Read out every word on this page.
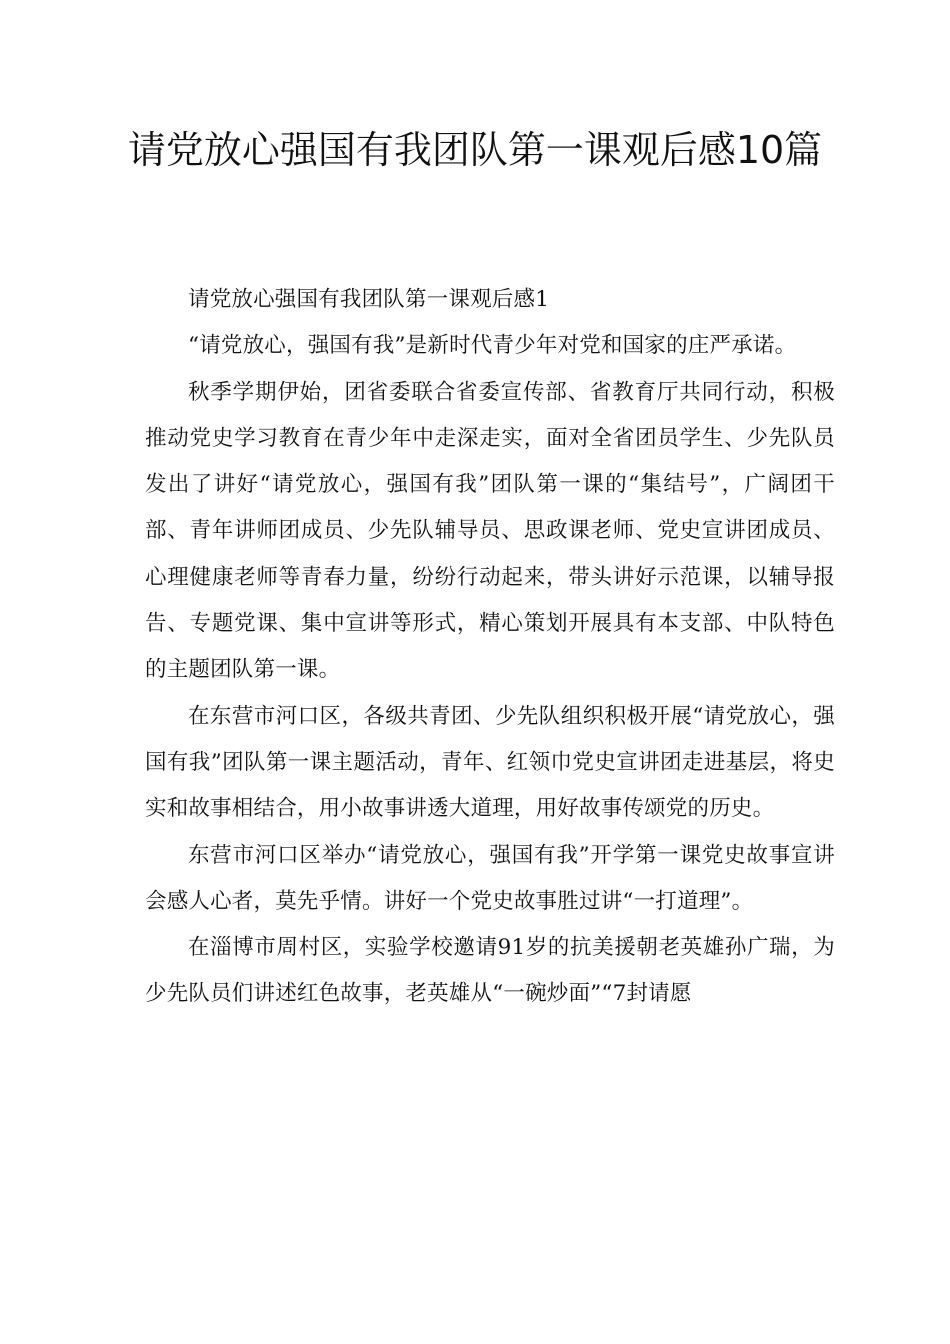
请党放心强国有我团队第一课观后感10篇

请党放心强国有我团队第一课观后感1

“请党放心，强国有我”是新时代青少年对党和国家的庄严承诺。

秋季学期伊始，团省委联合省委宣传部、省教育厅共同行动，积极推动党史学习教育在青少年中走深走实，面对全省团员学生、少先队员发出了讲好“请党放心，强国有我”团队第一课的“集结号”，广阔团干部、青年讲师团成员、少先队辅导员、思政课老师、党史宣讲团成员、心理健康老师等青春力量，纷纷行动起来，带头讲好示范课，以辅导报告、专题党课、集中宣讲等形式，精心策划开展具有本支部、中队特色的主题团队第一课。

在东营市河口区，各级共青团、少先队组织积极开展“请党放心，强国有我”团队第一课主题活动，青年、红领巾党史宣讲团走进基层，将史实和故事相结合，用小故事讲透大道理，用好故事传颂党的历史。

东营市河口区举办“请党放心，强国有我”开学第一课党史故事宣讲会感人心者，莫先乎情。讲好一个党史故事胜过讲“一打道理”。

在淄博市周村区，实验学校邀请91岁的抗美援朝老英雄孙广瑞，为少先队员们讲述红色故事，老英雄从“一碗炒面”“7封请愿
